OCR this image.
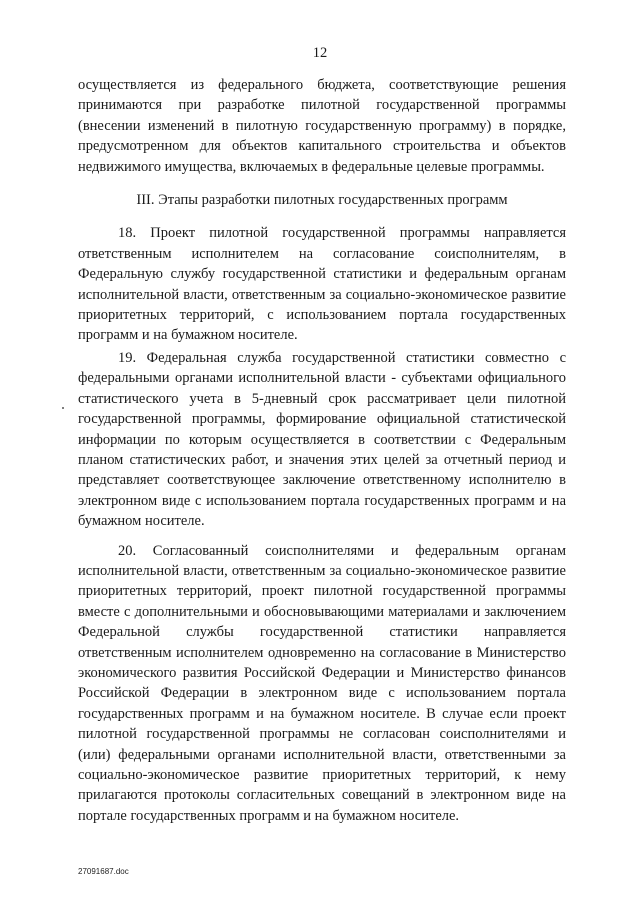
12

осуществляется из федерального бюджета, соответствующие решения принимаются при разработке пилотной государственной программы (внесении изменений в пилотную государственную программу) в порядке, предусмотренном для объектов капитального строительства и объектов недвижимого имущества, включаемых в федеральные целевые программы.

III. Этапы разработки пилотных государственных программ

18. Проект пилотной государственной программы направляется ответственным исполнителем на согласование соисполнителям, в Федеральную службу государственной статистики и федеральным органам исполнительной власти, ответственным за социально-экономическое развитие приоритетных территорий, с использованием портала государственных программ и на бумажном носителе.

19. Федеральная служба государственной статистики совместно с федеральными органами исполнительной власти - субъектами официального статистического учета в 5-дневный срок рассматривает цели пилотной государственной программы, формирование официальной статистической информации по которым осуществляется в соответствии с Федеральным планом статистических работ, и значения этих целей за отчетный период и представляет соответствующее заключение ответственному исполнителю в электронном виде с использованием портала государственных программ и на бумажном носителе.

20. Согласованный соисполнителями и федеральным органам исполнительной власти, ответственным за социально-экономическое развитие приоритетных территорий, проект пилотной государственной программы вместе с дополнительными и обосновывающими материалами и заключением Федеральной службы государственной статистики направляется ответственным исполнителем одновременно на согласование в Министерство экономического развития Российской Федерации и Министерство финансов Российской Федерации в электронном виде с использованием портала государственных программ и на бумажном носителе. В случае если проект пилотной государственной программы не согласован соисполнителями и (или) федеральными органами исполнительной власти, ответственными за социально-экономическое развитие приоритетных территорий, к нему прилагаются протоколы согласительных совещаний в электронном виде на портале государственных программ и на бумажном носителе.

27091687.doc
